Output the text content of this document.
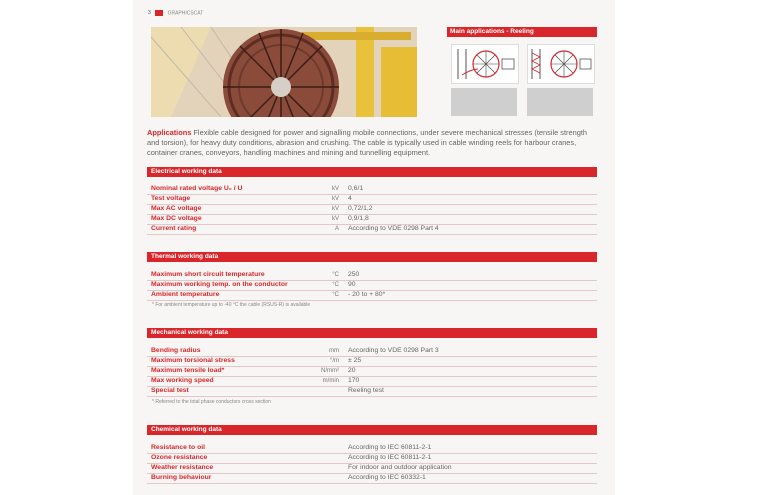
3	GRAPHICSCAT
Main applications - Reeling

Applications Flexible cable designed for power and signalling mobile connections, under severe mechanical stresses (tensile strength and torsion), for heavy duty conditions, abrasion and crushing. The cable is typically used in cable winding reels for harbour cranes, container cranes, conveyors, handling machines and mining and tunnelling equipment.

Electrical working data
Nominal rated voltage U₀ / U	kV 0,6/1
Test voltage	kV 4
Max AC voltage	kV 0,72/1,2
Max DC voltage	kV 0,9/1,8
Current rating	A According to VDE 0298 Part 4
Thermal working data
Maximum short circuit temperature	°C 250
Maximum working temp. on the conductor	°C 90
Ambient temperature	°C - 20 to + 80*
* For ambient temperature up to -40 °C the cable (RSUS-R) is available
Mechanical working data
Bending radius	mm According to VDE 0298 Part 3
Maximum torsional stress	°/m ± 25
Maximum tensile load*	N/mm² 20
Max working speed	m/min 170
Special test	Reeling test
* Referred to the total phase conductors cross section
Chemical working data
Resistance to oil	According to IEC 60811-2-1
Ozone resistance	According to IEC 60811-2-1
Weather resistance	For indoor and outdoor application
Burning behaviour	According to IEC 60332-1
